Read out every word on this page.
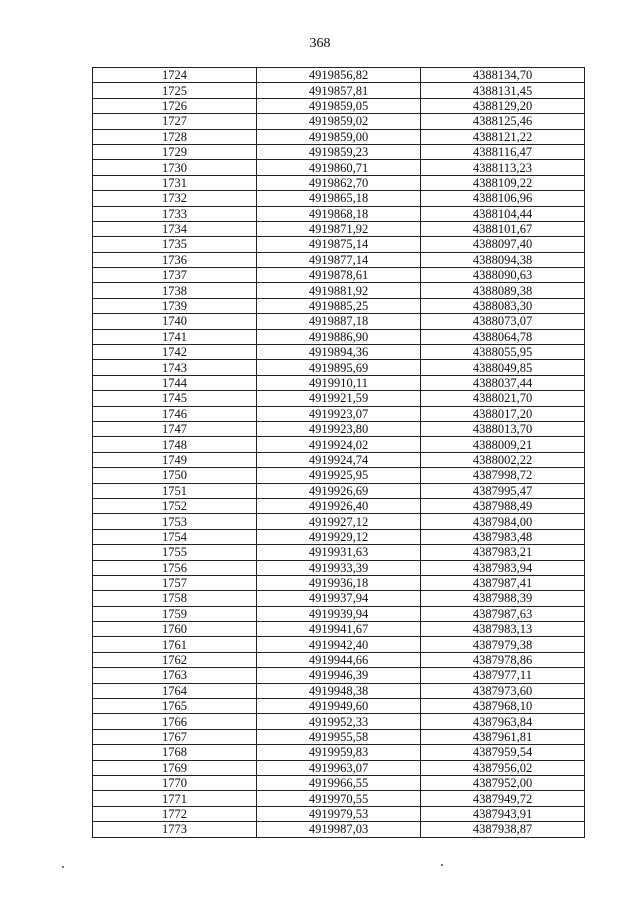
368
1724	4919856,82	4388134,70
1725	4919857,81	4388131,45
1726	4919859,05	4388129,20
1727	4919859,02	4388125,46
1728	4919859,00	4388121,22
1729	4919859,23	4388116,47
1730	4919860,71	4388113,23
1731	4919862,70	4388109,22
1732	4919865,18	4388106,96
1733	4919868,18	4388104,44
1734	4919871,92	4388101,67
1735	4919875,14	4388097,40
1736	4919877,14	4388094,38
1737	4919878,61	4388090,63
1738	4919881,92	4388089,38
1739	4919885,25	4388083,30
1740	4919887,18	4388073,07
1741	4919886,90	4388064,78
1742	4919894,36	4388055,95
1743	4919895,69	4388049,85
1744	4919910,11	4388037,44
1745	4919921,59	4388021,70
1746	4919923,07	4388017,20
1747	4919923,80	4388013,70
1748	4919924,02	4388009,21
1749	4919924,74	4388002,22
1750	4919925,95	4387998,72
1751	4919926,69	4387995,47
1752	4919926,40	4387988,49
1753	4919927,12	4387984,00
1754	4919929,12	4387983,48
1755	4919931,63	4387983,21
1756	4919933,39	4387983,94
1757	4919936,18	4387987,41
1758	4919937,94	4387988,39
1759	4919939,94	4387987,63
1760	4919941,67	4387983,13
1761	4919942,40	4387979,38
1762	4919944,66	4387978,86
1763	4919946,39	4387977,11
1764	4919948,38	4387973,60
1765	4919949,60	4387968,10
1766	4919952,33	4387963,84
1767	4919955,58	4387961,81
1768	4919959,83	4387959,54
1769	4919963,07	4387956,02
1770	4919966,55	4387952,00
1771	4919970,55	4387949,72
1772	4919979,53	4387943,91
1773	4919987,03	4387938,87
